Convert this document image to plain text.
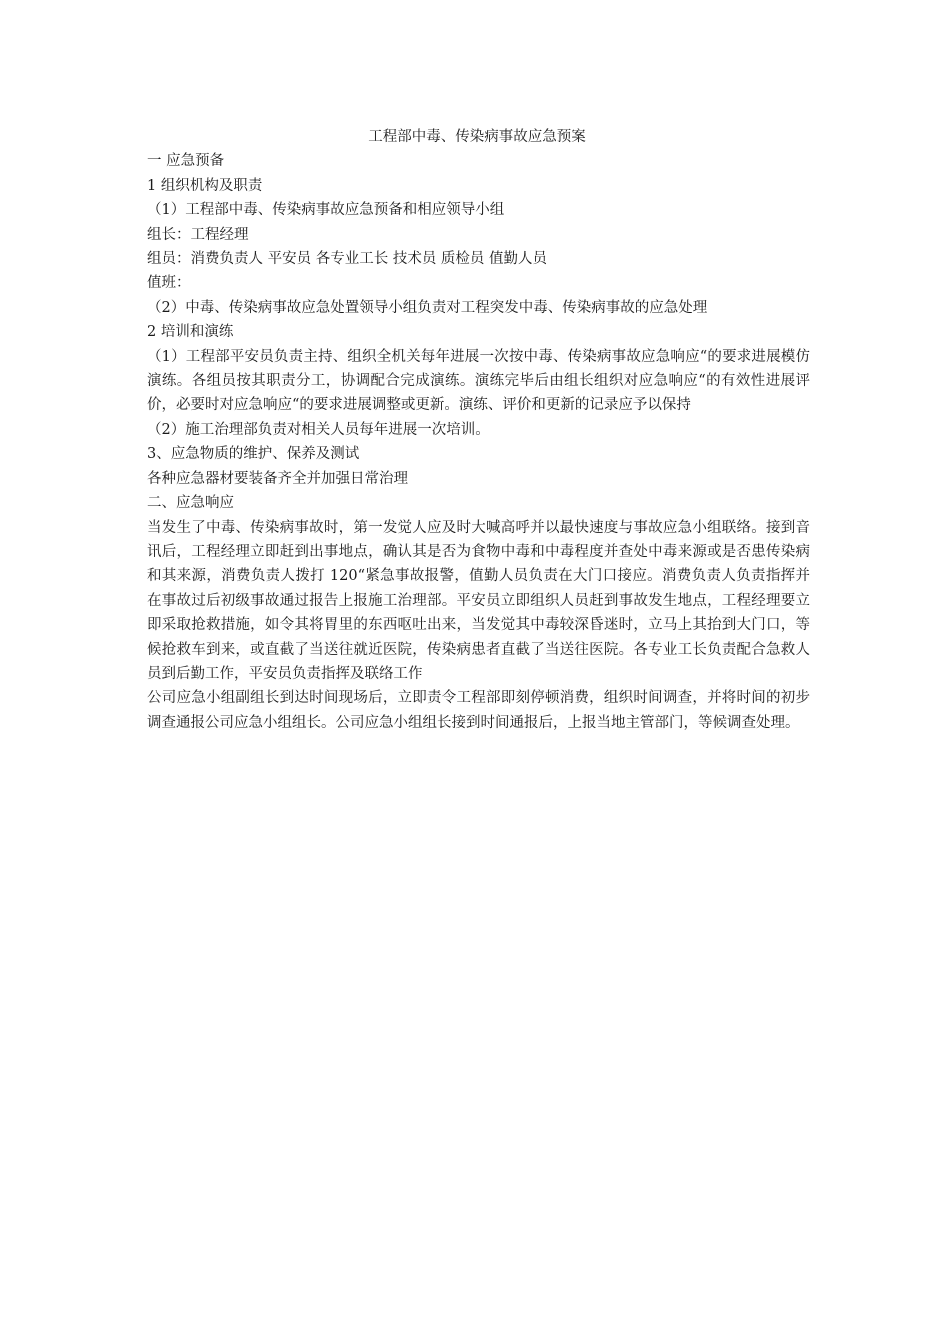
工程部中毒、传染病事故应急预案

一 应急预备

1 组织机构及职责

（1）工程部中毒、传染病事故应急预备和相应领导小组

组长：工程经理

组员：消费负责人 平安员 各专业工长 技术员 质检员 值勤人员

值班：

（2）中毒、传染病事故应急处置领导小组负责对工程突发中毒、传染病事故的应急处理

2 培训和演练

（1）工程部平安员负责主持、组织全机关每年进展一次按中毒、传染病事故应急响应“的要求进展模仿演练。各组员按其职责分工，协调配合完成演练。演练完毕后由组长组织对应急响应“的有效性进展评价，必要时对应急响应“的要求进展调整或更新。演练、评价和更新的记录应予以保持

（2）施工治理部负责对相关人员每年进展一次培训。

3、应急物质的维护、保养及测试

各种应急器材要装备齐全并加强日常治理

二、应急响应

当发生了中毒、传染病事故时，第一发觉人应及时大喊高呼并以最快速度与事故应急小组联络。接到音讯后，工程经理立即赶到出事地点，确认其是否为食物中毒和中毒程度并查处中毒来源或是否患传染病和其来源，消费负责人拨打 120“紧急事故报警，值勤人员负责在大门口接应。消费负责人负责指挥并在事故过后初级事故通过报告上报施工治理部。平安员立即组织人员赶到事故发生地点，工程经理要立即采取抢救措施，如令其将胃里的东西呕吐出来，当发觉其中毒较深昏迷时，立马上其抬到大门口，等候抢救车到来，或直截了当送往就近医院，传染病患者直截了当送往医院。各专业工长负责配合急救人员到后勤工作，平安员负责指挥及联络工作

公司应急小组副组长到达时间现场后，立即责令工程部即刻停顿消费，组织时间调查，并将时间的初步调查通报公司应急小组组长。公司应急小组组长接到时间通报后，上报当地主管部门，等候调查处理。
